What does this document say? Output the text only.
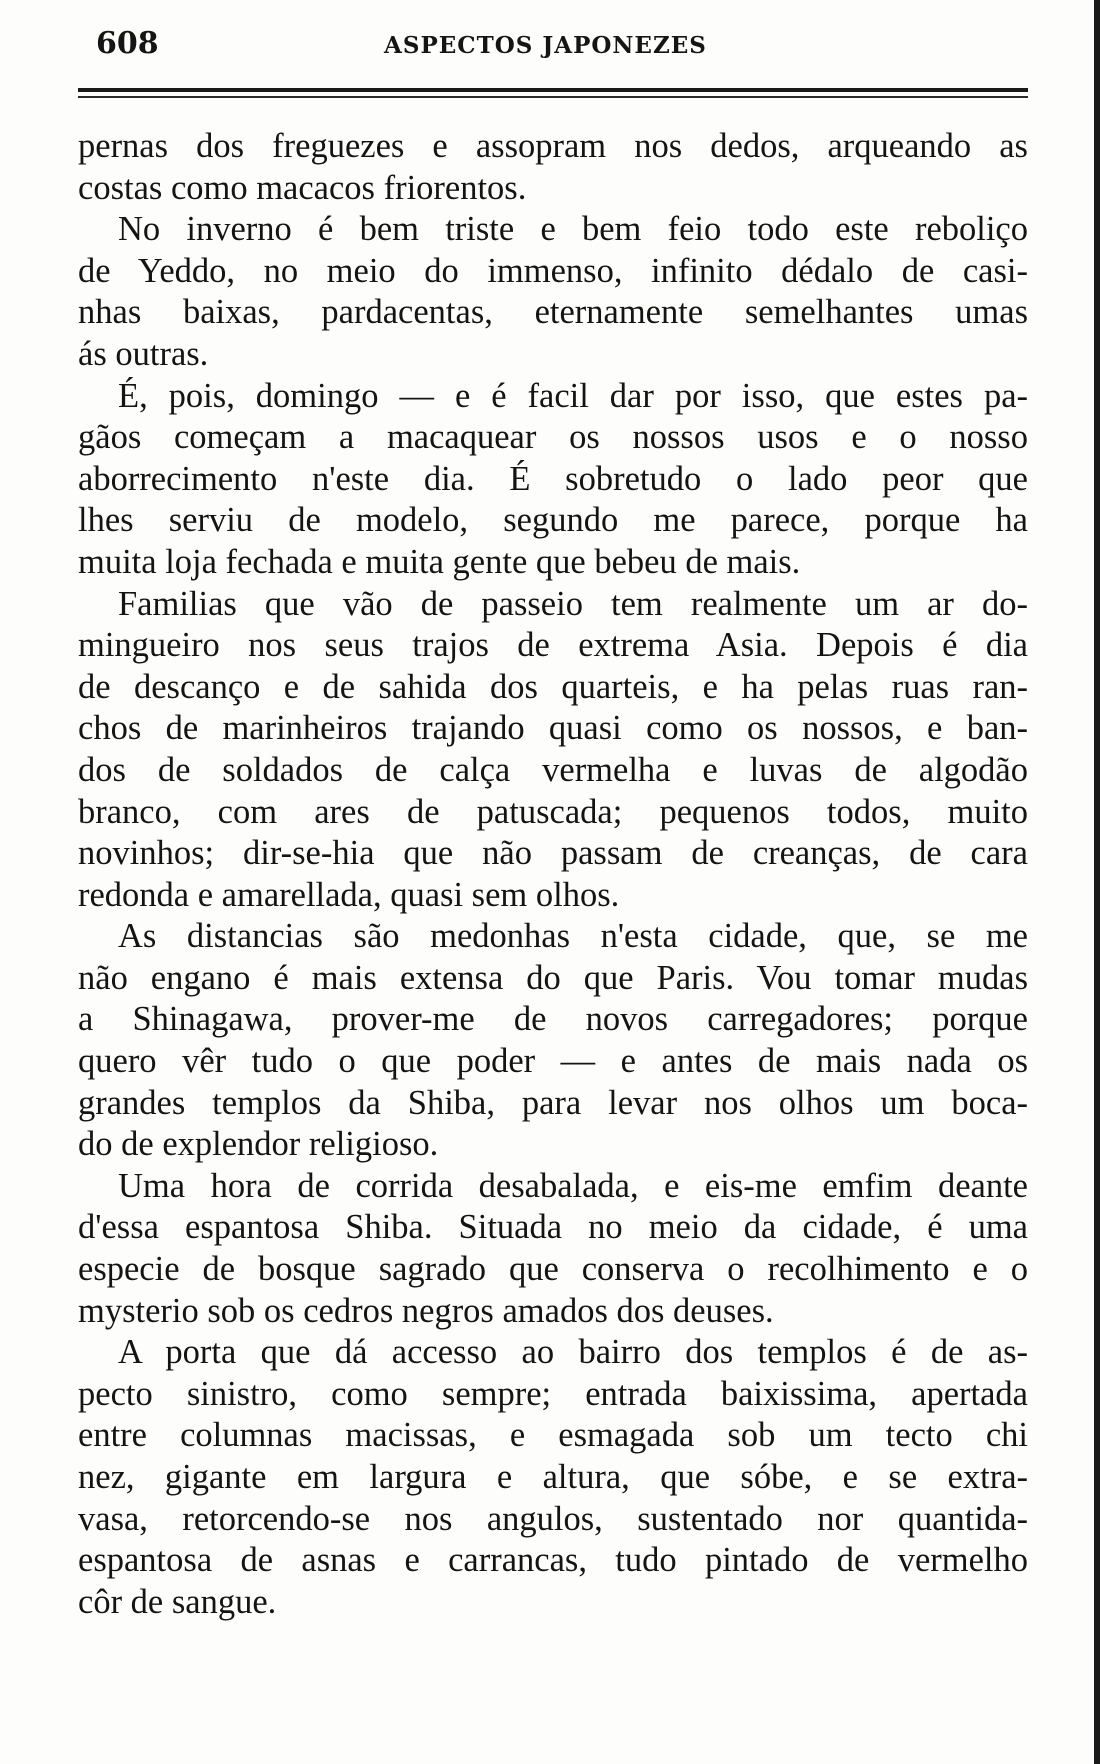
608	ASPECTOS JAPONEZES
pernas dos freguezes e assopram nos dedos, arqueando as
costas como macacos friorentos.
No inverno é bem triste e bem feio todo este reboliço
de Yeddo, no meio do immenso, infinito dédalo de casi-
nhas baixas, pardacentas, eternamente semelhantes umas
ás outras.
É, pois, domingo — e é facil dar por isso, que estes pa-
gãos começam a macaquear os nossos usos e o nosso
aborrecimento n'este dia. É sobretudo o lado peor que
lhes serviu de modelo, segundo me parece, porque ha
muita loja fechada e muita gente que bebeu de mais.
Familias que vão de passeio tem realmente um ar do-
mingueiro nos seus trajos de extrema Asia. Depois é dia
de descanço e de sahida dos quarteis, e ha pelas ruas ran-
chos de marinheiros trajando quasi como os nossos, e ban-
dos de soldados de calça vermelha e luvas de algodão
branco, com ares de patuscada; pequenos todos, muito
novinhos; dir-se-hia que não passam de creanças, de cara
redonda e amarellada, quasi sem olhos.
As distancias são medonhas n'esta cidade, que, se me
não engano é mais extensa do que Paris. Vou tomar mudas
a Shinagawa, prover-me de novos carregadores; porque
quero vêr tudo o que poder — e antes de mais nada os
grandes templos da Shiba, para levar nos olhos um boca-
do de explendor religioso.
Uma hora de corrida desabalada, e eis-me emfim deante
d'essa espantosa Shiba. Situada no meio da cidade, é uma
especie de bosque sagrado que conserva o recolhimento e o
mysterio sob os cedros negros amados dos deuses.
A porta que dá accesso ao bairro dos templos é de as-
pecto sinistro, como sempre; entrada baixissima, apertada
entre columnas macissas, e esmagada sob um tecto chi
nez, gigante em largura e altura, que sóbe, e se extra-
vasa, retorcendo-se nos angulos, sustentado nor quantida-
espantosa de asnas e carrancas, tudo pintado de vermelho
côr de sangue.
